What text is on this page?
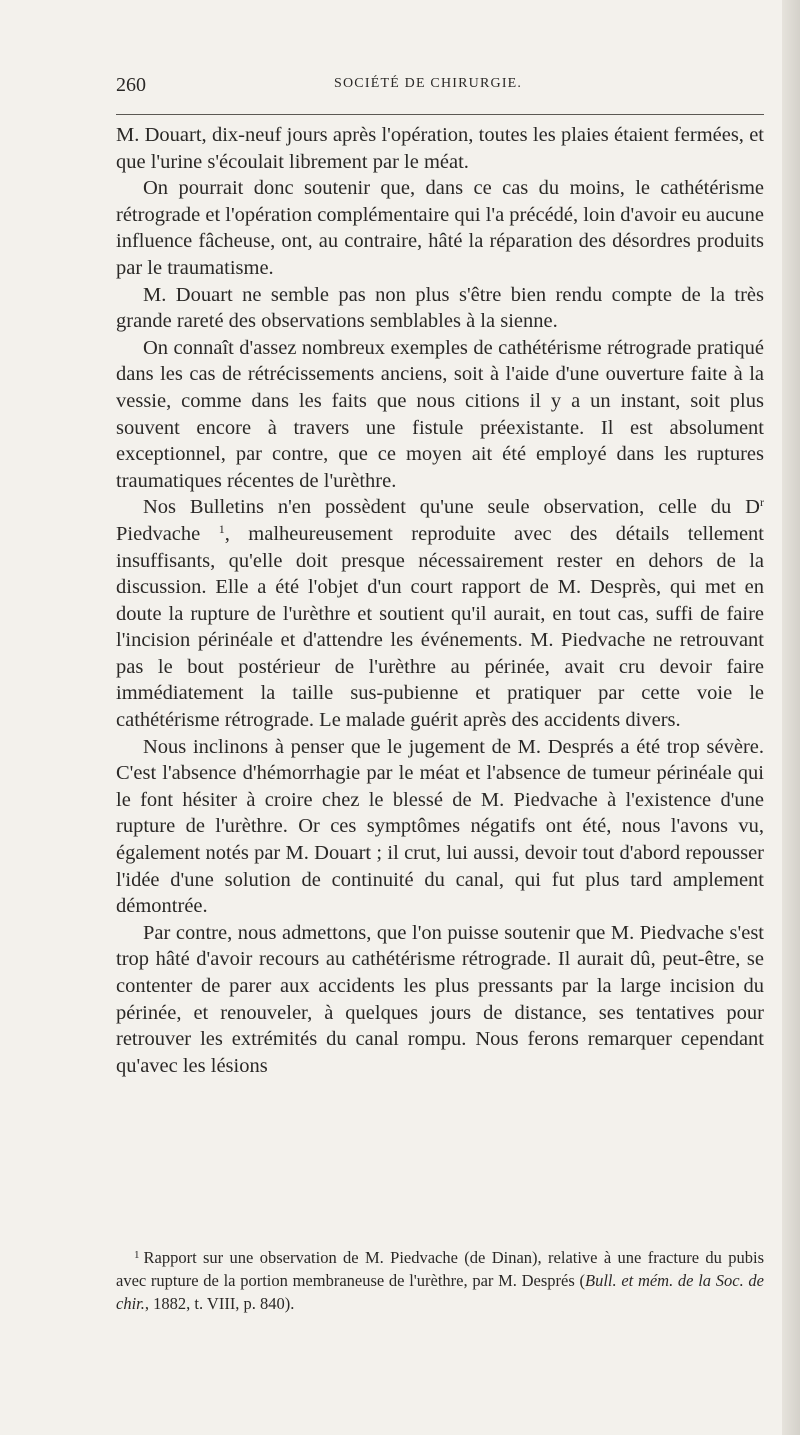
260	SOCIÉTÉ DE CHIRURGIE.

M. Douart, dix-neuf jours après l'opération, toutes les plaies étaient fermées, et que l'urine s'écoulait librement par le méat.

On pourrait donc soutenir que, dans ce cas du moins, le cathétérisme rétrograde et l'opération complémentaire qui l'a précédé, loin d'avoir eu aucune influence fâcheuse, ont, au contraire, hâté la réparation des désordres produits par le traumatisme.

M. Douart ne semble pas non plus s'être bien rendu compte de la très grande rareté des observations semblables à la sienne.

On connaît d'assez nombreux exemples de cathétérisme rétrograde pratiqué dans les cas de rétrécissements anciens, soit à l'aide d'une ouverture faite à la vessie, comme dans les faits que nous citions il y a un instant, soit plus souvent encore à travers une fistule préexistante. Il est absolument exceptionnel, par contre, que ce moyen ait été employé dans les ruptures traumatiques récentes de l'urèthre.

Nos Bulletins n'en possèdent qu'une seule observation, celle du $D^r$ Piedvache $^1$, malheureusement reproduite avec des détails tellement insuffisants, qu'elle doit presque nécessairement rester en dehors de la discussion. Elle a été l'objet d'un court rapport de M. Desprès, qui met en doute la rupture de l'urèthre et soutient qu'il aurait, en tout cas, suffi de faire l'incision périnéale et d'attendre les événements. M. Piedvache ne retrouvant pas le bout postérieur de l'urèthre au périnée, avait cru devoir faire immédiatement la taille sus-pubienne et pratiquer par cette voie le cathétérisme rétrograde. Le malade guérit après des accidents divers.

Nous inclinons à penser que le jugement de M. Després a été trop sévère. C'est l'absence d'hémorrhagie par le méat et l'absence de tumeur périnéale qui le font hésiter à croire chez le blessé de M. Piedvache à l'existence d'une rupture de l'urèthre. Or ces symptômes négatifs ont été, nous l'avons vu, également notés par M. Douart ; il crut, lui aussi, devoir tout d'abord repousser l'idée d'une solution de continuité du canal, qui fut plus tard amplement démontrée.

Par contre, nous admettons, que l'on puisse soutenir que M. Piedvache s'est trop hâté d'avoir recours au cathétérisme rétrograde. Il aurait dû, peut-être, se contenter de parer aux accidents les plus pressants par la large incision du périnée, et renouveler, à quelques jours de distance, ses tentatives pour retrouver les extrémités du canal rompu. Nous ferons remarquer cependant qu'avec les lésions

$^1$ Rapport sur une observation de M. Piedvache (de Dinan), relative à une fracture du pubis avec rupture de la portion membraneuse de l'urèthre, par M. Després (Bull. et mém. de la Soc. de chir., 1882, t. VIII, p. 840).
